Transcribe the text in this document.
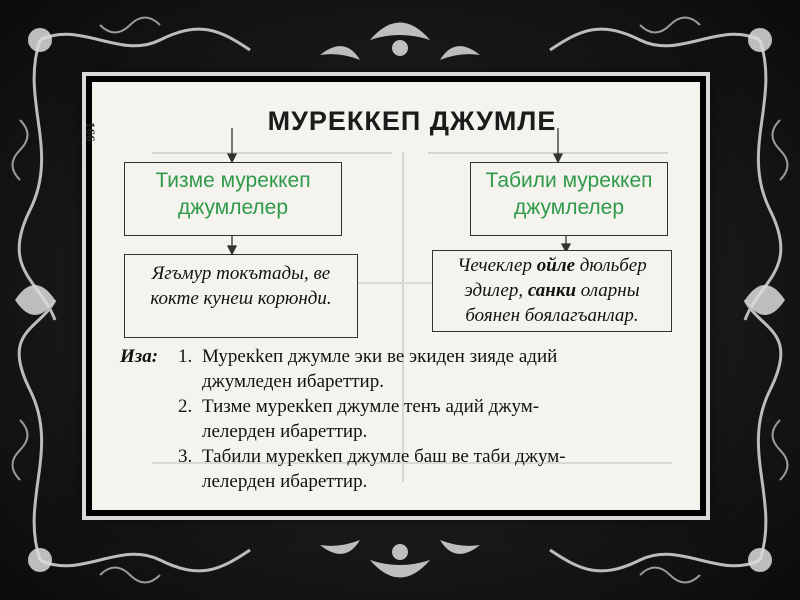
166	МУРЕККЕП ДЖУМЛЕ
Тизме муреккеп
джумлелер
Табили муреккеп
джумлелер
Ягъмур токътады, ве
кокте кунеш корюнди.
Чечеклер ойле дюльбер
эдилер, санки оларны
боянен боялагъанлар.
Иза:	1. Мурекkeп джумле эки ве экиден зияде адий
джумледен ибареттир.
2. Тизме мурекkeп джумле тенъ адий джум-
лелерден ибареттир.
3. Табили мурекkeп джумле баш ве таби джум-
лелерден ибареттир.
